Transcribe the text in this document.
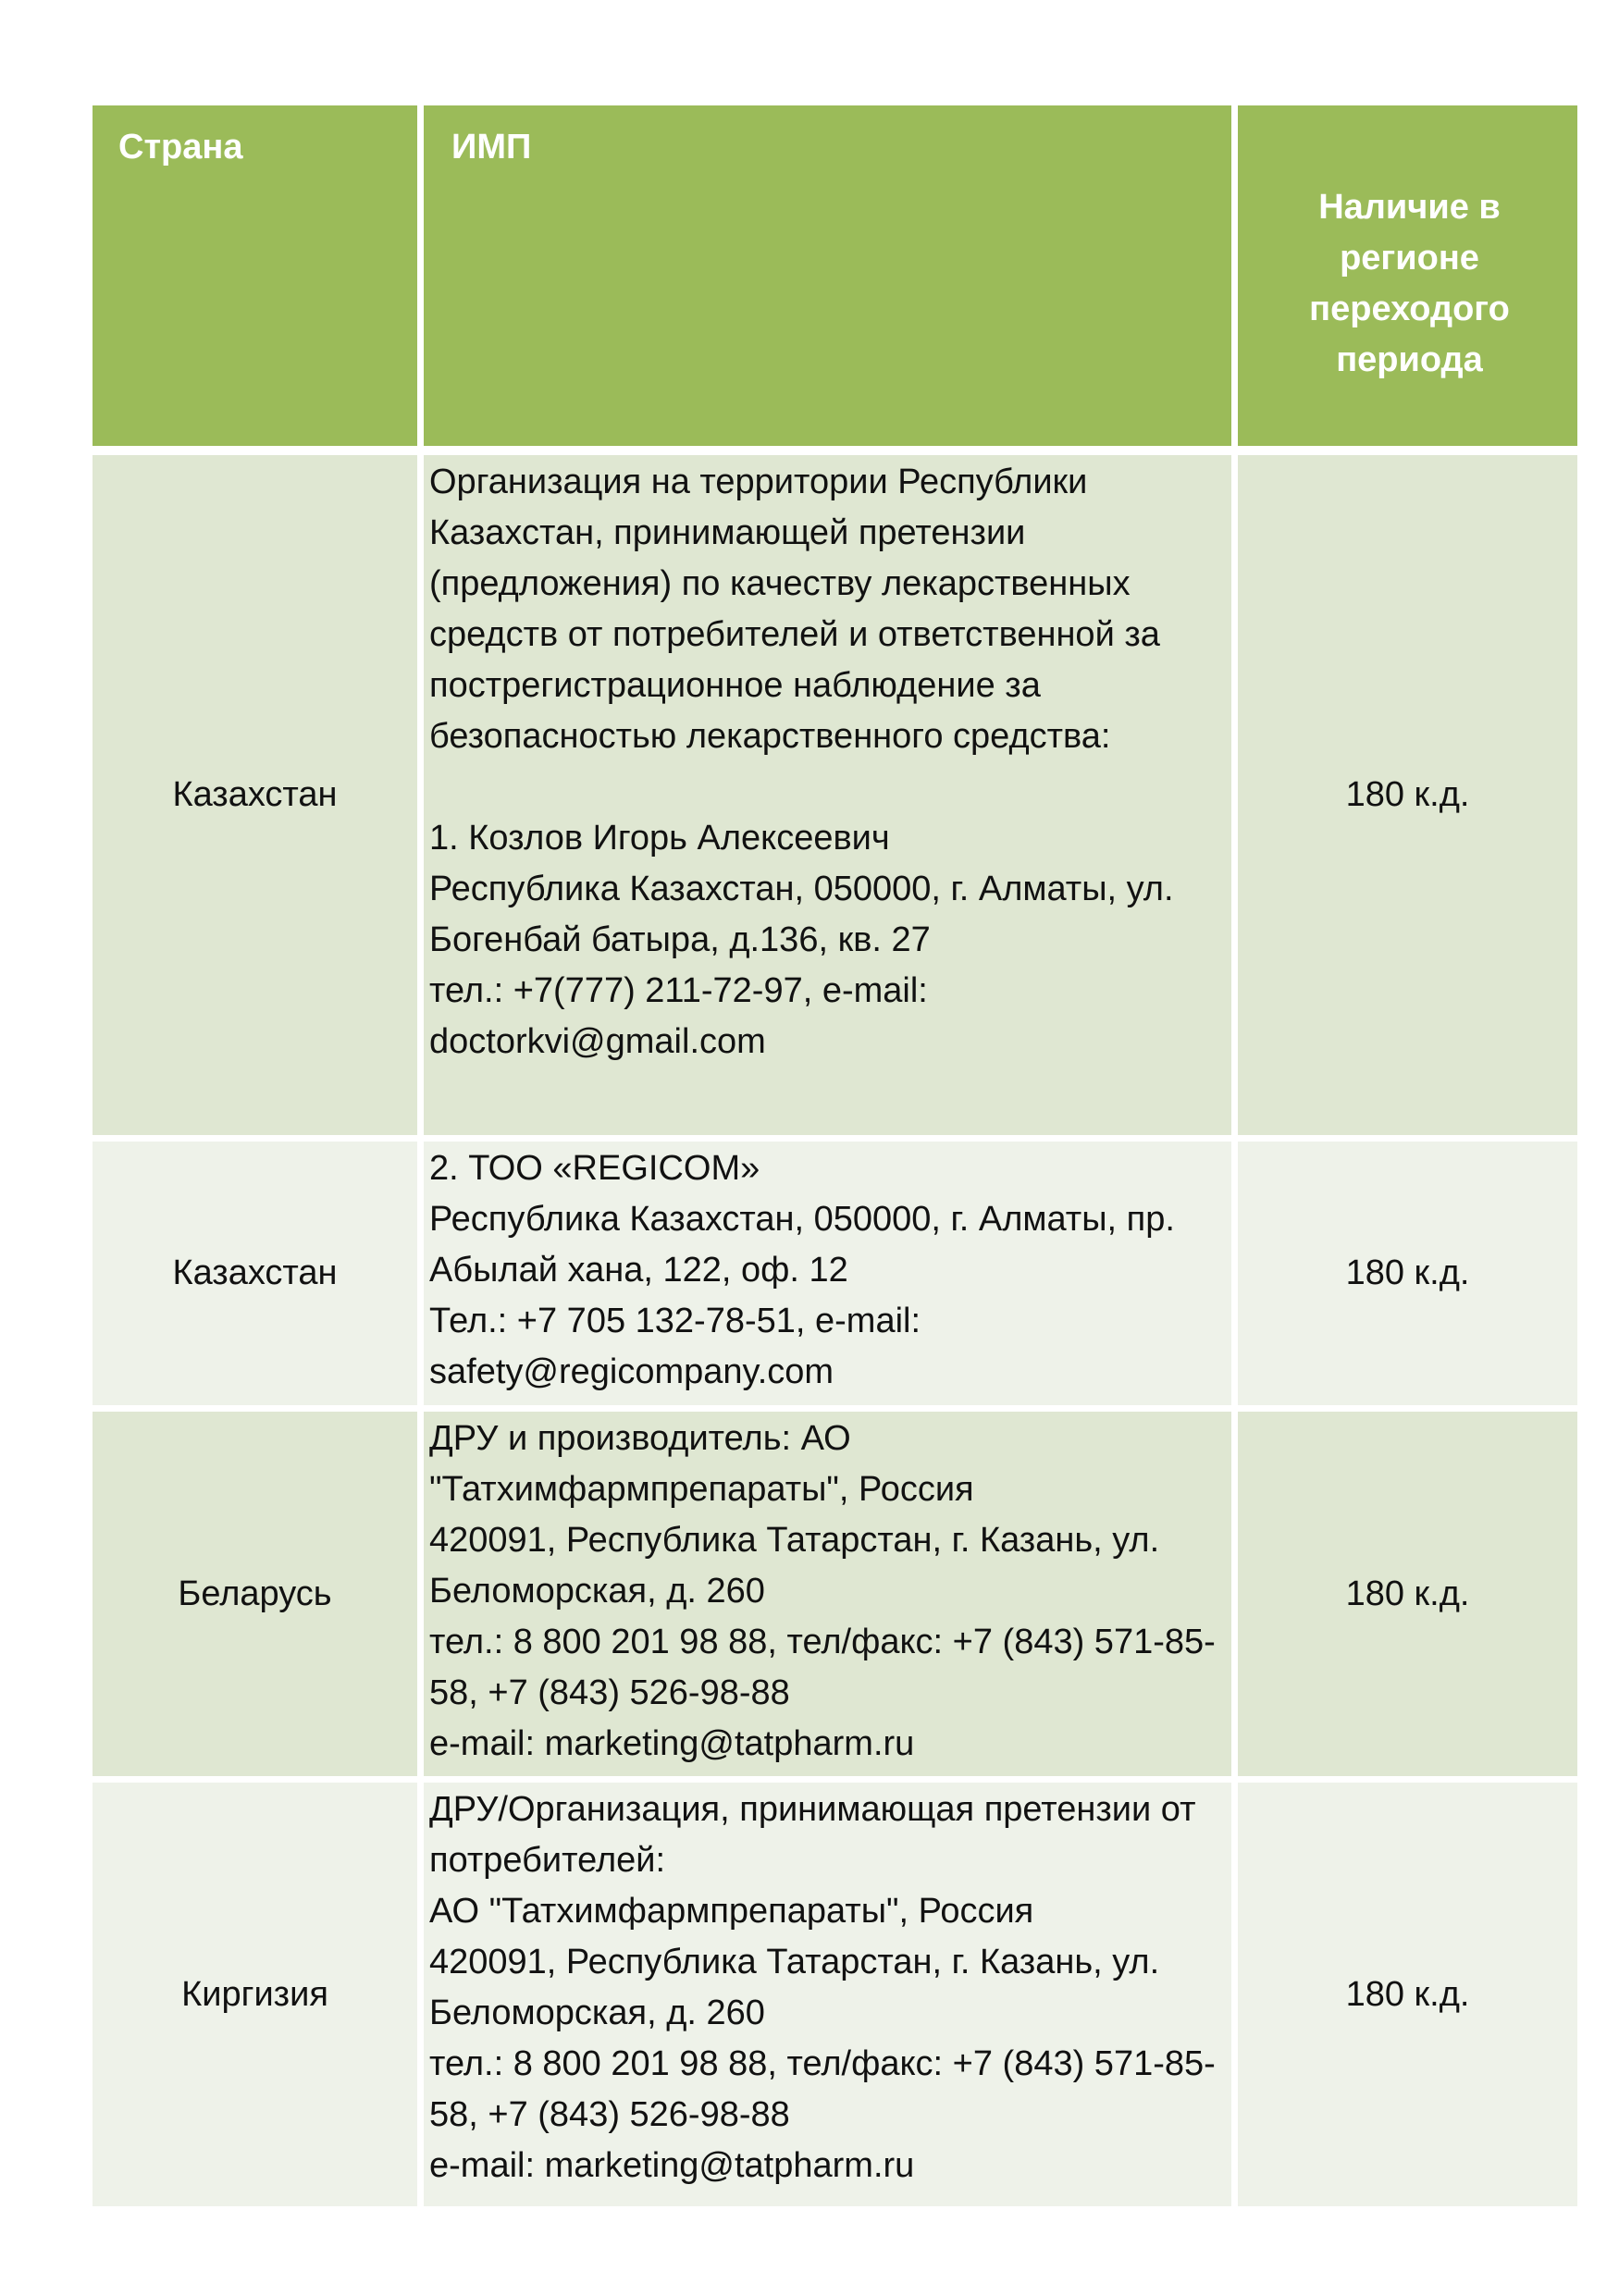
Страна	ИМП
Наличие в регионе переходого периода
Казахстан
Организация на территории Республики Казахстан, принимающей претензии (предложения) по качеству лекарственных средств от потребителей и ответственной за пострегистрационное наблюдение за безопасностью лекарственного средства:

1. Козлов Игорь Алексеевич
Республика Казахстан, 050000, г. Алматы, ул. Богенбай батыра, д.136, кв. 27
тел.: +7(777) 211-72-97, e-mail: doctorkvi@gmail.com
180 к.д.
Казахстан
2. ТОО «REGICOM»
Республика Казахстан, 050000, г. Алматы, пр. Абылай хана, 122, оф. 12
Тел.: +7 705 132-78-51, e-mail: safety@regicompany.com
180 к.д.
Беларусь
ДРУ и производитель: АО "Татхимфармпрепараты", Россия
420091, Республика Татарстан, г. Казань, ул. Беломорская, д. 260
тел.: 8 800 201 98 88, тел/факс: +7 (843) 571-85-58, +7 (843) 526-98-88
e-mail: marketing@tatpharm.ru
180 к.д.
Киргизия
ДРУ/Организация, принимающая претензии от потребителей:
АО "Татхимфармпрепараты", Россия
420091, Республика Татарстан, г. Казань, ул. Беломорская, д. 260
тел.: 8 800 201 98 88, тел/факс: +7 (843) 571-85-58, +7 (843) 526-98-88
e-mail: marketing@tatpharm.ru
180 к.д.
